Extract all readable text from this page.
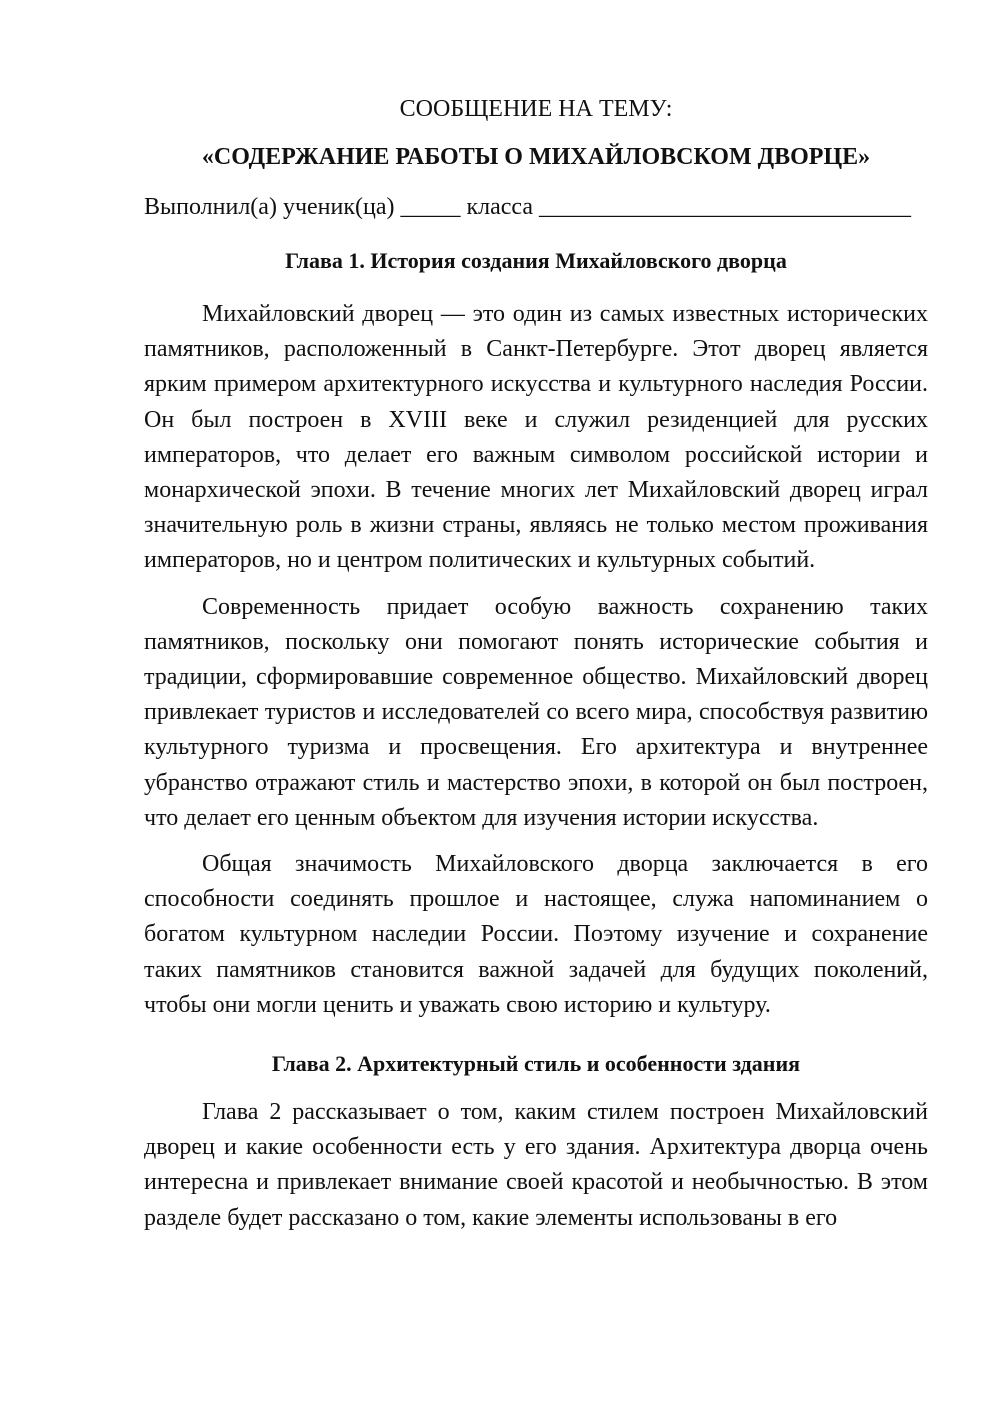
СООБЩЕНИЕ НА ТЕМУ:

«СОДЕРЖАНИЕ РАБОТЫ О МИХАЙЛОВСКОМ ДВОРЦЕ»

Выполнил(а) ученик(ца) _____ класса _______________________________

Глава 1. История создания Михайловского дворца

Михайловский дворец — это один из самых известных исторических памятников, расположенный в Санкт-Петербурге. Этот дворец является ярким примером архитектурного искусства и культурного наследия России. Он был построен в XVIII веке и служил резиденцией для русских императоров, что делает его важным символом российской истории и монархической эпохи. В течение многих лет Михайловский дворец играл значительную роль в жизни страны, являясь не только местом проживания императоров, но и центром политических и культурных событий.

Современность придает особую важность сохранению таких памятников, поскольку они помогают понять исторические события и традиции, сформировавшие современное общество. Михайловский дворец привлекает туристов и исследователей со всего мира, способствуя развитию культурного туризма и просвещения. Его архитектура и внутреннее убранство отражают стиль и мастерство эпохи, в которой он был построен, что делает его ценным объектом для изучения истории искусства.

Общая значимость Михайловского дворца заключается в его способности соединять прошлое и настоящее, служа напоминанием о богатом культурном наследии России. Поэтому изучение и сохранение таких памятников становится важной задачей для будущих поколений, чтобы они могли ценить и уважать свою историю и культуру.

Глава 2. Архитектурный стиль и особенности здания

Глава 2 рассказывает о том, каким стилем построен Михайловский дворец и какие особенности есть у его здания. Архитектура дворца очень интересна и привлекает внимание своей красотой и необычностью. В этом разделе будет рассказано о том, какие элементы использованы в его
